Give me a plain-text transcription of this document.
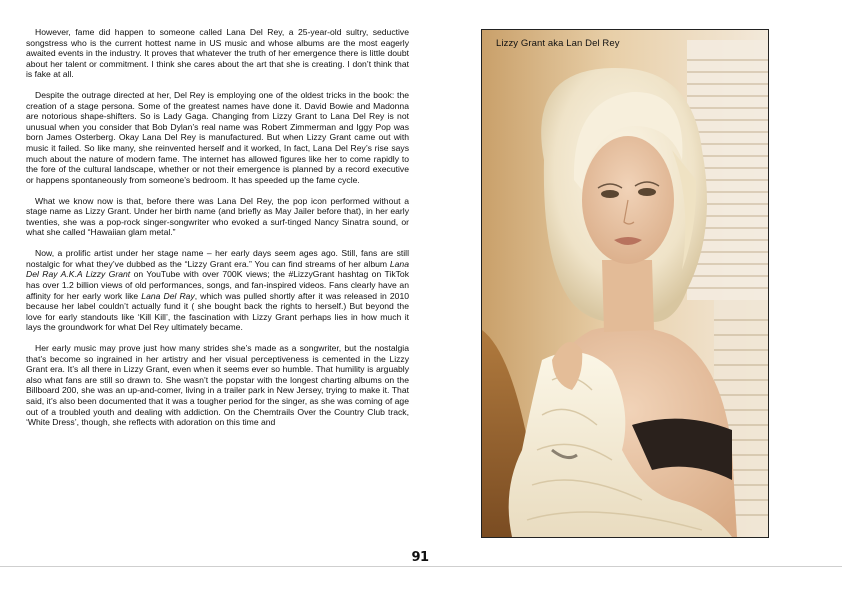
However, fame did happen to someone called Lana Del Rey, a 25-year-old sultry, seductive songstress who is the current hottest name in US music and whose albums are the most eagerly awaited events in the industry. It proves that whatever the truth of her emergence there is little doubt about her talent or commitment. I think she cares about the art that she is creating. I don’t think that is fake at all.

Despite the outrage directed at her, Del Rey is employing one of the oldest tricks in the book: the creation of a stage persona. Some of the greatest names have done it. David Bowie and Madonna are notorious shape-shifters. So is Lady Gaga. Changing from Lizzy Grant to Lana Del Rey is not unusual when you consider that Bob Dylan’s real name was Robert Zimmerman and Iggy Pop was born James Osterberg. Okay Lana Del Rey is manufactured. But when Lizzy Grant came out with music it failed. So like many, she reinvented herself and it worked, In fact, Lana Del Rey’s rise says much about the nature of modern fame. The internet has allowed figures like her to come rapidly to the fore of the cultural landscape, whether or not their emergence is planned by a record executive or happens spontaneously from someone’s bedroom. It has speeded up the fame cycle.

What we know now is that, before there was Lana Del Rey, the pop icon performed without a stage name as Lizzy Grant. Under her birth name (and briefly as May Jailer before that), in her early twenties, she was a pop-rock singer-songwriter who evoked a surf-tinged Nancy Sinatra sound, or what she called “Hawaiian glam metal.”

Now, a prolific artist under her stage name – her early days seem ages ago. Still, fans are still nostalgic for what they’ve dubbed as the “Lizzy Grant era.” You can find streams of her album Lana Del Ray A.K.A Lizzy Grant on YouTube with over 700K views; the #LizzyGrant hashtag on TikTok has over 1.2 billion views of old performances, songs, and fan-inspired videos. Fans clearly have an affinity for her early work like Lana Del Ray, which was pulled shortly after it was released in 2010 because her label couldn’t actually fund it ( she bought back the rights to herself.) But beyond the love for early standouts like ‘Kill Kill’, the fascination with Lizzy Grant perhaps lies in how much it lays the groundwork for what Del Rey ultimately became.

Her early music may prove just how many strides she’s made as a songwriter, but the nostalgia that’s become so ingrained in her artistry and her visual perceptiveness is cemented in the Lizzy Grant era. It’s all there in Lizzy Grant, even when it seems ever so humble. That humility is arguably also what fans are still so drawn to. She wasn’t the popstar with the longest charting albums on the Billboard 200, she was an up-and-comer, living in a trailer park in New Jersey, trying to make it. That said, it’s also been documented that it was a tougher period for the singer, as she was coming of age out of a troubled youth and dealing with addiction. On the Chemtrails Over the Country Club track, ‘White Dress’, though, she reflects with adoration on this time and

Lizzy Grant aka Lan Del Rey
91
